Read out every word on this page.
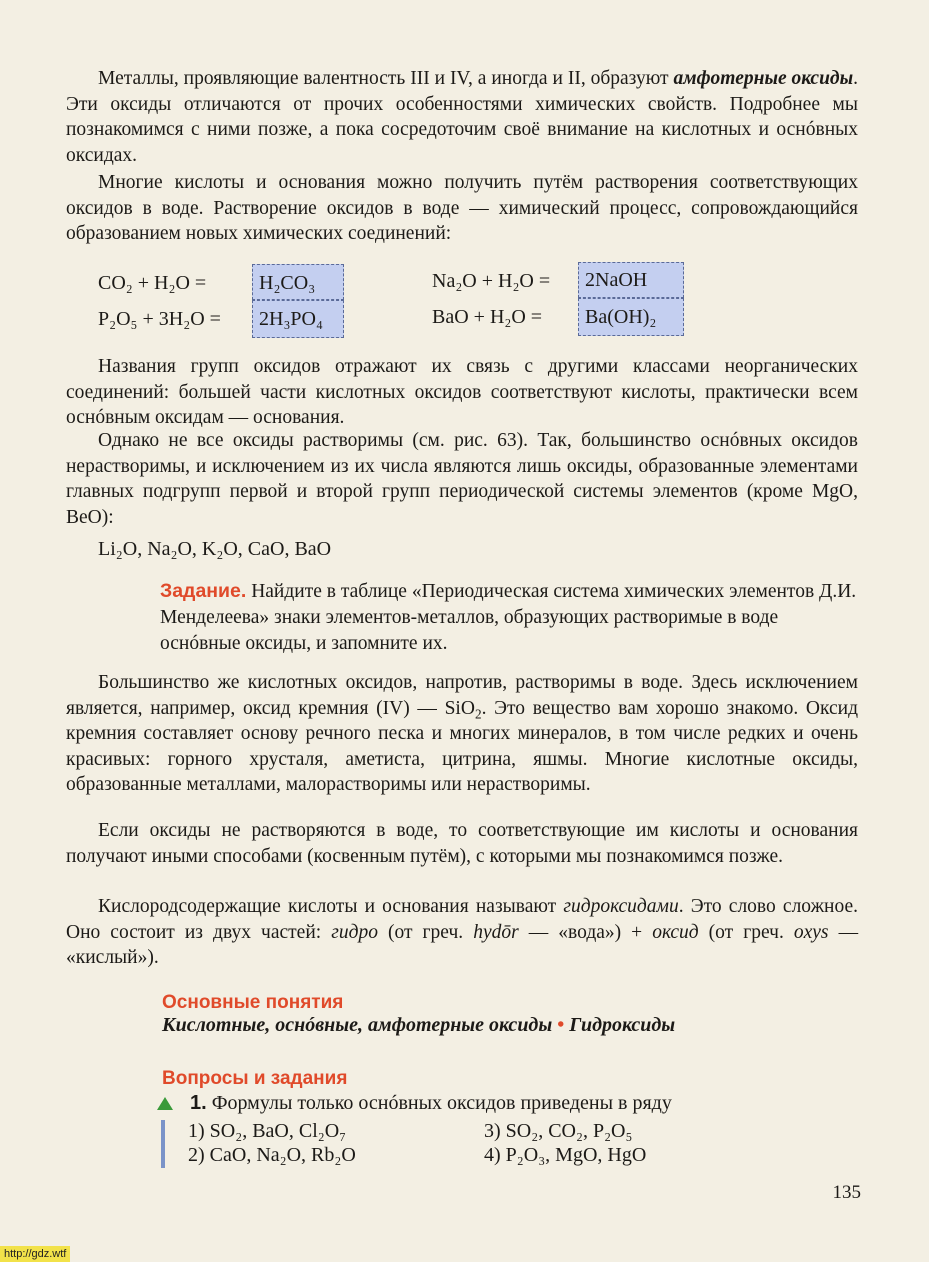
Металлы, проявляющие валентность III и IV, а иногда и II, образуют амфотерные оксиды. Эти оксиды отличаются от прочих особенностями химических свойств. Подробнее мы познакомимся с ними позже, а пока сосредоточим своё внимание на кислотных и оснóвных оксидах.
Многие кислоты и основания можно получить путём растворения соответствующих оксидов в воде. Растворение оксидов в воде — химический процесс, сопровождающийся образованием новых химических соединений:
CO₂ + H₂O =	H₂CO₃
P₂O₅ + 3H₂O =	2H₃PO₄
Na₂O + H₂O =	2NaOH
BaO + H₂O =	Ba(OH)₂
Названия групп оксидов отражают их связь с другими классами неорганических соединений: большей части кислотных оксидов соответствуют кислоты, практически всем оснóвным оксидам — основания.
Однако не все оксиды растворимы (см. рис. 63). Так, большинство оснóвных оксидов нерастворимы, и исключением из их числа являются лишь оксиды, образованные элементами главных подгрупп первой и второй групп периодической системы элементов (кроме MgO, BeO):
Li₂O, Na₂O, K₂O, CaO, BaO
Задание. Найдите в таблице «Периодическая система химических элементов Д.И. Менделеева» знаки элементов-металлов, образующих растворимые в воде оснóвные оксиды, и запомните их.
Большинство же кислотных оксидов, напротив, растворимы в воде. Здесь исключением является, например, оксид кремния (IV) — SiO$_2$. Это вещество вам хорошо знакомо. Оксид кремния составляет основу речного песка и многих минералов, в том числе редких и очень красивых: горного хрусталя, аметиста, цитрина, яшмы. Многие кислотные оксиды, образованные металлами, малорастворимы или нерастворимы.
Если оксиды не растворяются в воде, то соответствующие им кислоты и основания получают иными способами (косвенным путём), с которыми мы познакомимся позже.
Кислородсодержащие кислоты и основания называют гидроксидами. Это слово сложное. Оно состоит из двух частей: гидро (от греч. hydōr — «вода») + оксид (от греч. oxys — «кислый»).
Основные понятия
Кислотные, оснóвные, амфотерные оксиды • Гидроксиды
Вопросы и задания
1. Формулы только оснóвных оксидов приведены в ряду
1) SO₂, BaO, Cl₂O₇
2) CaO, Na₂O, Rb₂O
3) SO₂, CO₂, P₂O₅
4) P₂O₃, MgO, HgO
135
http://gdz.wtf
